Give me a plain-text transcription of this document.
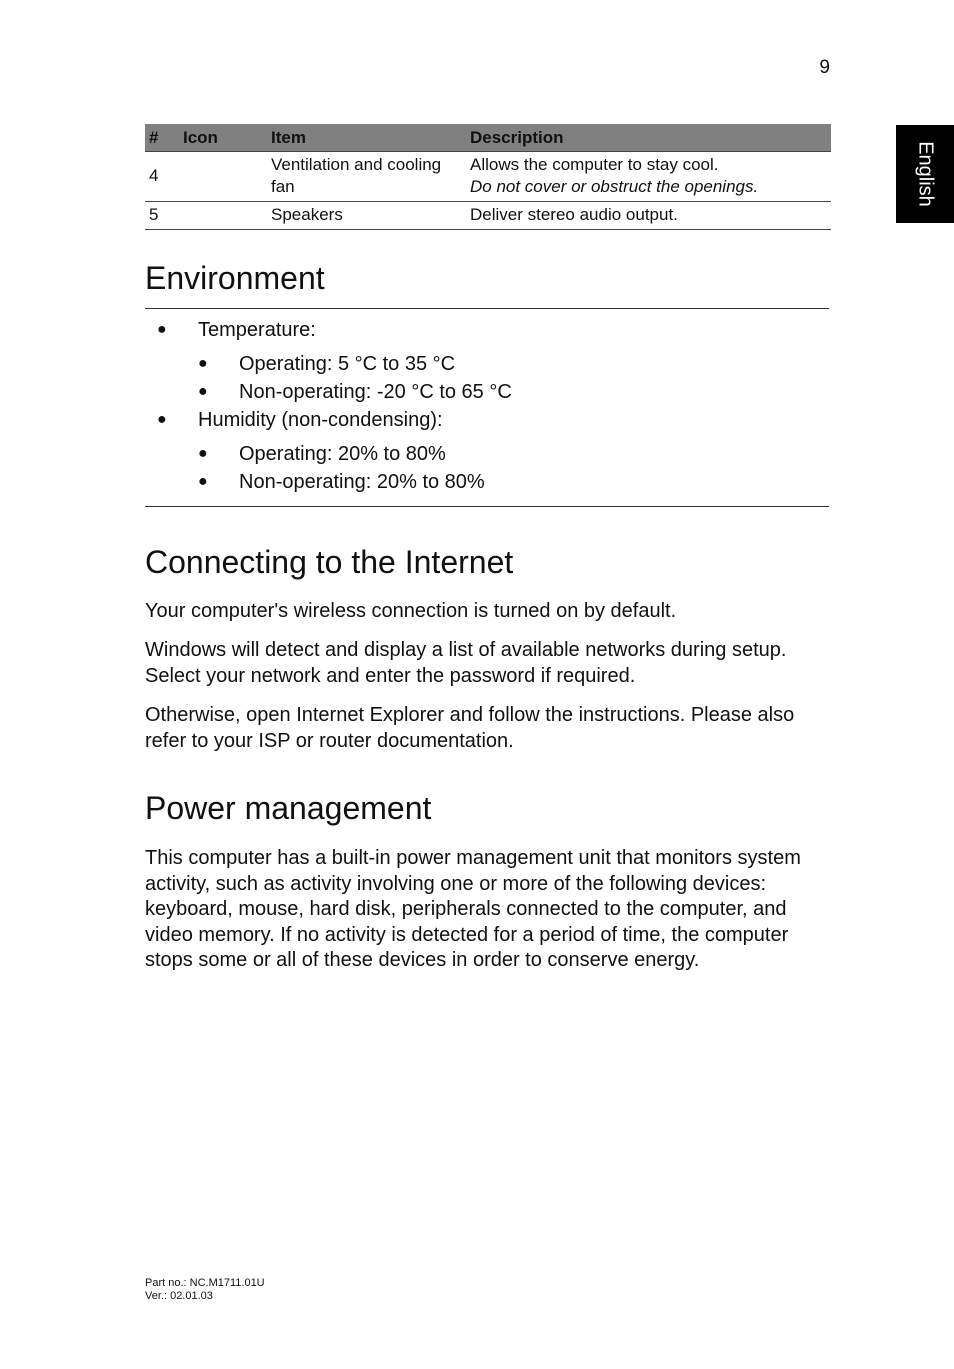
9
English
#	Icon	Item	Description
4		Ventilation and cooling fan	Allows the computer to stay cool.
Do not cover or obstruct the openings.

5		Speakers	Deliver stereo audio output.
Environment
● Temperature:
● Operating: 5 °C to 35 °C
● Non-operating: -20 °C to 65 °C
● Humidity (non-condensing):
● Operating: 20% to 80%
● Non-operating: 20% to 80%
Connecting to the Internet

Your computer's wireless connection is turned on by default.

Windows will detect and display a list of available networks during setup. Select your network and enter the password if required.

Otherwise, open Internet Explorer and follow the instructions. Please also refer to your ISP or router documentation.

Power management

This computer has a built-in power management unit that monitors system activity, such as activity involving one or more of the following devices: keyboard, mouse, hard disk, peripherals connected to the computer, and video memory. If no activity is detected for a period of time, the computer stops some or all of these devices in order to conserve energy.

Part no.: NC.M1711.01U
Ver.: 02.01.03
